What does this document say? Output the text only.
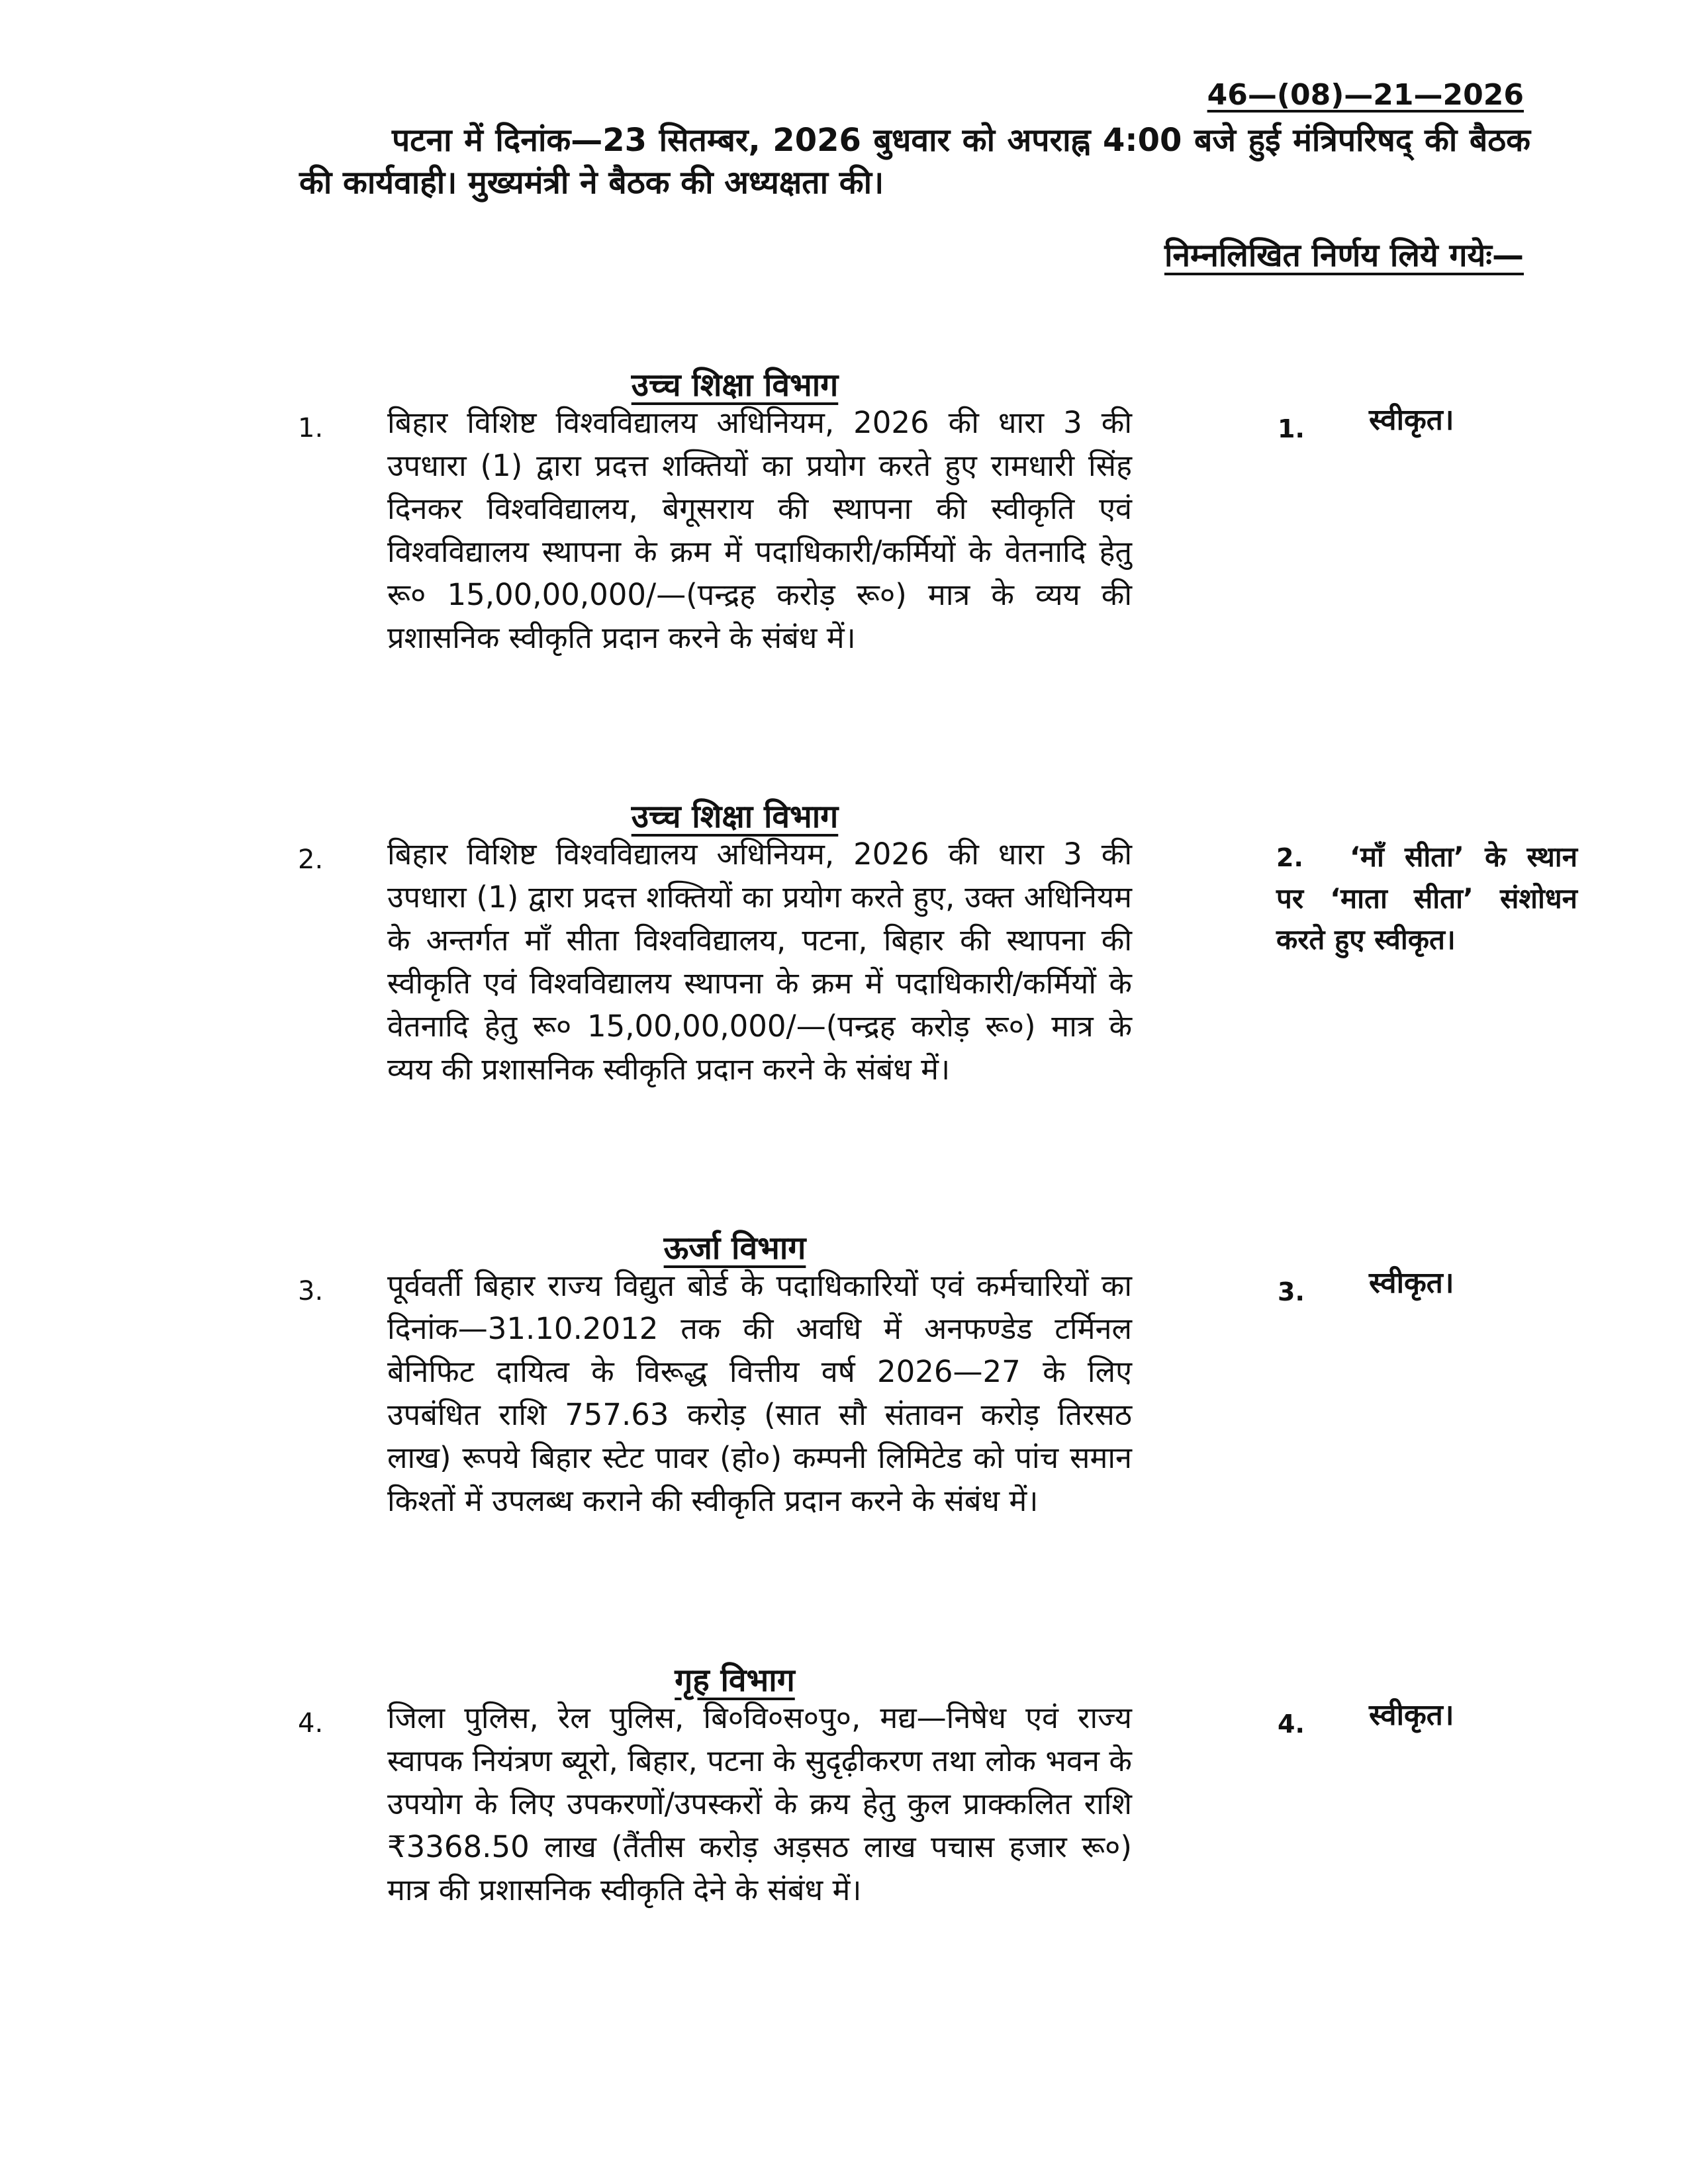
46—(08)—21—2026

पटना में दिनांक—23 सितम्बर, 2026 बुधवार को अपराह्न 4:00 बजे हुई मंत्रिपरिषद् की बैठक की कार्यवाही। मुख्यमंत्री ने बैठक की अध्यक्षता की।

निम्नलिखित निर्णय लिये गयेः—

उच्च शिक्षा विभाग

1. बिहार विशिष्ट विश्वविद्यालय अधिनियम, 2026 की धारा 3 की उपधारा (1) द्वारा प्रदत्त शक्तियों का प्रयोग करते हुए रामधारी सिंह दिनकर विश्वविद्यालय, बेगूसराय की स्थापना की स्वीकृति एवं विश्वविद्यालय स्थापना के क्रम में पदाधिकारी/कर्मियों के वेतनादि हेतु रू० 15,00,00,000/—(पन्द्रह करोड़ रू०) मात्र के व्यय की प्रशासनिक स्वीकृति प्रदान करने के संबंध में।

1. स्वीकृत।

उच्च शिक्षा विभाग

2. बिहार विशिष्ट विश्वविद्यालय अधिनियम, 2026 की धारा 3 की उपधारा (1) द्वारा प्रदत्त शक्तियों का प्रयोग करते हुए, उक्त अधिनियम के अन्तर्गत माँ सीता विश्वविद्यालय, पटना, बिहार की स्थापना की स्वीकृति एवं विश्वविद्यालय स्थापना के क्रम में पदाधिकारी/कर्मियों के वेतनादि हेतु रू० 15,00,00,000/—(पन्द्रह करोड़ रू०) मात्र के व्यय की प्रशासनिक स्वीकृति प्रदान करने के संबंध में।

2. ‘माँ सीता’ के स्थान पर ‘माता सीता’ संशोधन करते हुए स्वीकृत।

ऊर्जा विभाग

3. पूर्ववर्ती बिहार राज्य विद्युत बोर्ड के पदाधिकारियों एवं कर्मचारियों का दिनांक—31.10.2012 तक की अवधि में अनफण्डेड टर्मिनल बेनिफिट दायित्व के विरूद्ध वित्तीय वर्ष 2026—27 के लिए उपबंधित राशि 757.63 करोड़ (सात सौ संतावन करोड़ तिरसठ लाख) रूपये बिहार स्टेट पावर (हो०) कम्पनी लिमिटेड को पांच समान किश्तों में उपलब्ध कराने की स्वीकृति प्रदान करने के संबंध में।

3. स्वीकृत।

गृह विभाग

4. जिला पुलिस, रेल पुलिस, बि०वि०स०पु०, मद्य—निषेध एवं राज्य स्वापक नियंत्रण ब्यूरो, बिहार, पटना के सुदृढ़ीकरण तथा लोक भवन के उपयोग के लिए उपकरणों/उपस्करों के क्रय हेतु कुल प्राक्कलित राशि ₹3368.50 लाख (तैंतीस करोड़ अड़सठ लाख पचास हजार रू०) मात्र की प्रशासनिक स्वीकृति देने के संबंध में।

4. स्वीकृत।
